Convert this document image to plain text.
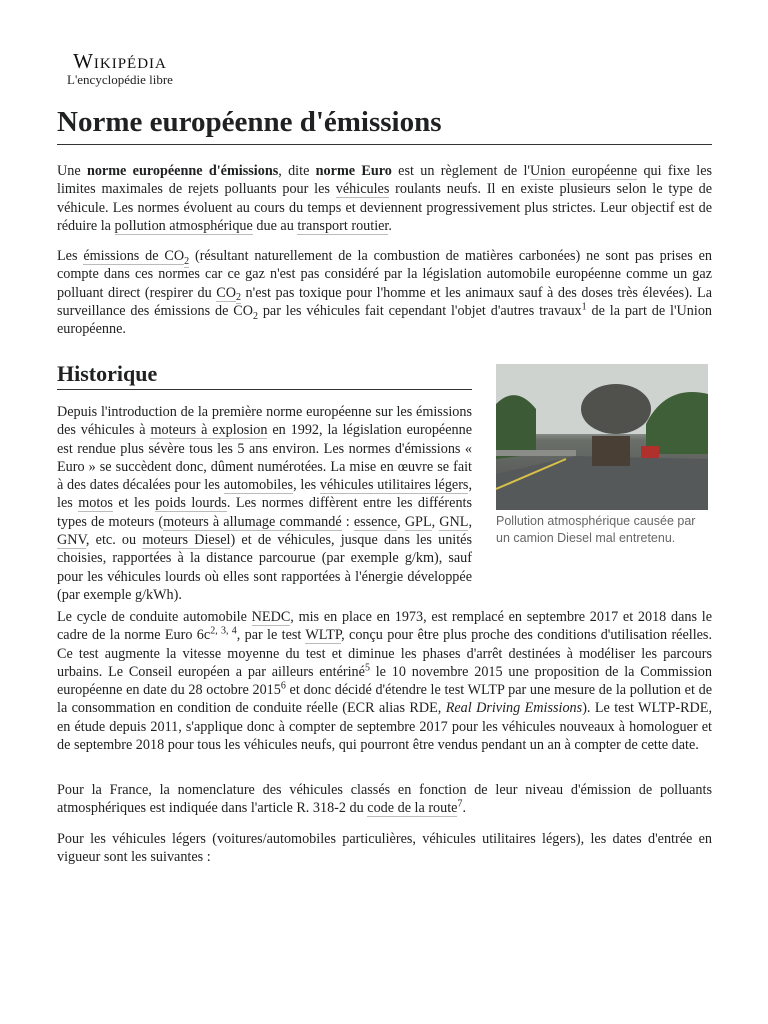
Wikipédia
L'encyclopédie libre
Norme européenne d'émissions
Une norme européenne d'émissions, dite norme Euro est un règlement de l'Union européenne qui fixe les limites maximales de rejets polluants pour les véhicules roulants neufs. Il en existe plusieurs selon le type de véhicule. Les normes évoluent au cours du temps et deviennent progressivement plus strictes. Leur objectif est de réduire la pollution atmosphérique due au transport routier.
Les émissions de $CO_2$ (résultant naturellement de la combustion de matières carbonées) ne sont pas prises en compte dans ces normes car ce gaz n'est pas considéré par la législation automobile européenne comme un gaz polluant direct (respirer du $CO_2$ n'est pas toxique pour l'homme et les animaux sauf à des doses très élevées). La surveillance des émissions de $CO_2$ par les véhicules fait cependant l'objet d'autres travaux$^1$ de la part de l'Union européenne.
Historique
Pollution atmosphérique causée par un camion Diesel mal entretenu.
Depuis l'introduction de la première norme européenne sur les émissions des véhicules à moteurs à explosion en 1992, la législation européenne est rendue plus sévère tous les 5 ans environ. Les normes d'émissions « Euro » se succèdent donc, dûment numérotées. La mise en œuvre se fait à des dates décalées pour les automobiles, les véhicules utilitaires légers, les motos et les poids lourds. Les normes diffèrent entre les différents types de moteurs (moteurs à allumage commandé : essence, GPL, GNL, GNV, etc. ou moteurs Diesel) et de véhicules, jusque dans les unités choisies, rapportées à la distance parcourue (par exemple g/km), sauf pour les véhicules lourds où elles sont rapportées à l'énergie développée (par exemple g/kWh).
Le cycle de conduite automobile NEDC, mis en place en 1973, est remplacé en septembre 2017 et 2018 dans le cadre de la norme Euro $6c^{2, 3, 4}$, par le test WLTP, conçu pour être plus proche des conditions d'utilisation réelles. Ce test augmente la vitesse moyenne du test et diminue les phases d'arrêt destinées à modéliser les parcours urbains. Le Conseil européen a par ailleurs entériné$^5$ le 10 novembre 2015 une proposition de la Commission européenne en date du 28 octobre 2015$^6$ et donc décidé d'étendre le test WLTP par une mesure de la pollution et de la consommation en condition de conduite réelle (ECR alias RDE, Real Driving Emissions). Le test WLTP-RDE, en étude depuis 2011, s'applique donc à compter de septembre 2017 pour les véhicules nouveaux à homologuer et de septembre 2018 pour tous les véhicules neufs, qui pourront être vendus pendant un an à compter de cette date.
Pour la France, la nomenclature des véhicules classés en fonction de leur niveau d'émission de polluants atmosphériques est indiquée dans l'article R. 318-2 du code de la route$^7$.
Pour les véhicules légers (voitures/automobiles particulières, véhicules utilitaires légers), les dates d'entrée en vigueur sont les suivantes :
